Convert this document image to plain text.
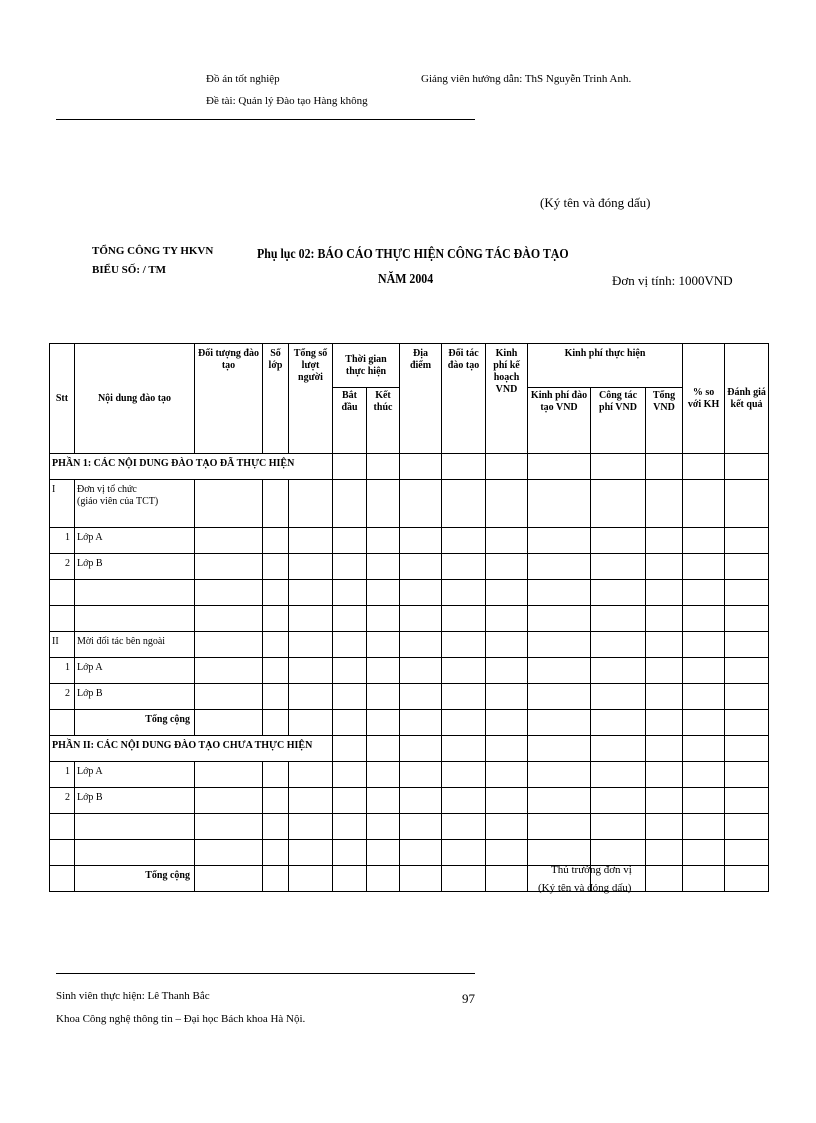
Đồ án tốt nghiệp
Đề tài: Quản lý Đào tạo Hàng không
Giảng viên hướng dẫn: ThS Nguyễn Trinh Anh.
(Ký tên và đóng dấu)
TỔNG CÔNG TY HKVN
BIỂU SỐ: / TM
Phụ lục 02: BÁO CÁO THỰC HIỆN CÔNG TÁC ĐÀO TẠO
NĂM 2004	Đơn vị tính: 1000VND
Stt	Nội dung đào tạo	Đối tượng đào tạo	Số lớp	Tổng số lượt người	Thời gian thực hiện		Địa điểm	Đối tác đào tạo	Kinh phí kế hoạch VND	Kinh phí thực hiện			% so với KH	Đánh giá kết quả
					Bắt đầu	Kết thúc				Kinh phí đào tạo VND	Công tác phí VND	Tổng VND		
PHẦN 1: CÁC NỘI DUNG ĐÀO TẠO ĐÃ THỰC HIỆN														
I	Đơn vị tổ chức
(giáo viên của TCT)													
1	Lớp A													
2	Lớp B													

II	Mời đối tác bên ngoài													
1	Lớp A													
2	Lớp B													
	Tổng cộng													
PHẦN II: CÁC NỘI DUNG ĐÀO TẠO CHƯA THỰC HIỆN														
1	Lớp A													
2	Lớp B													

	Tổng cộng														Thủ trưởng đơn vị
(Ký tên và đóng dấu)
Sinh viên thực hiện: Lê Thanh Bắc
Khoa Công nghệ thông tin – Đại học Bách khoa Hà Nội.
97
